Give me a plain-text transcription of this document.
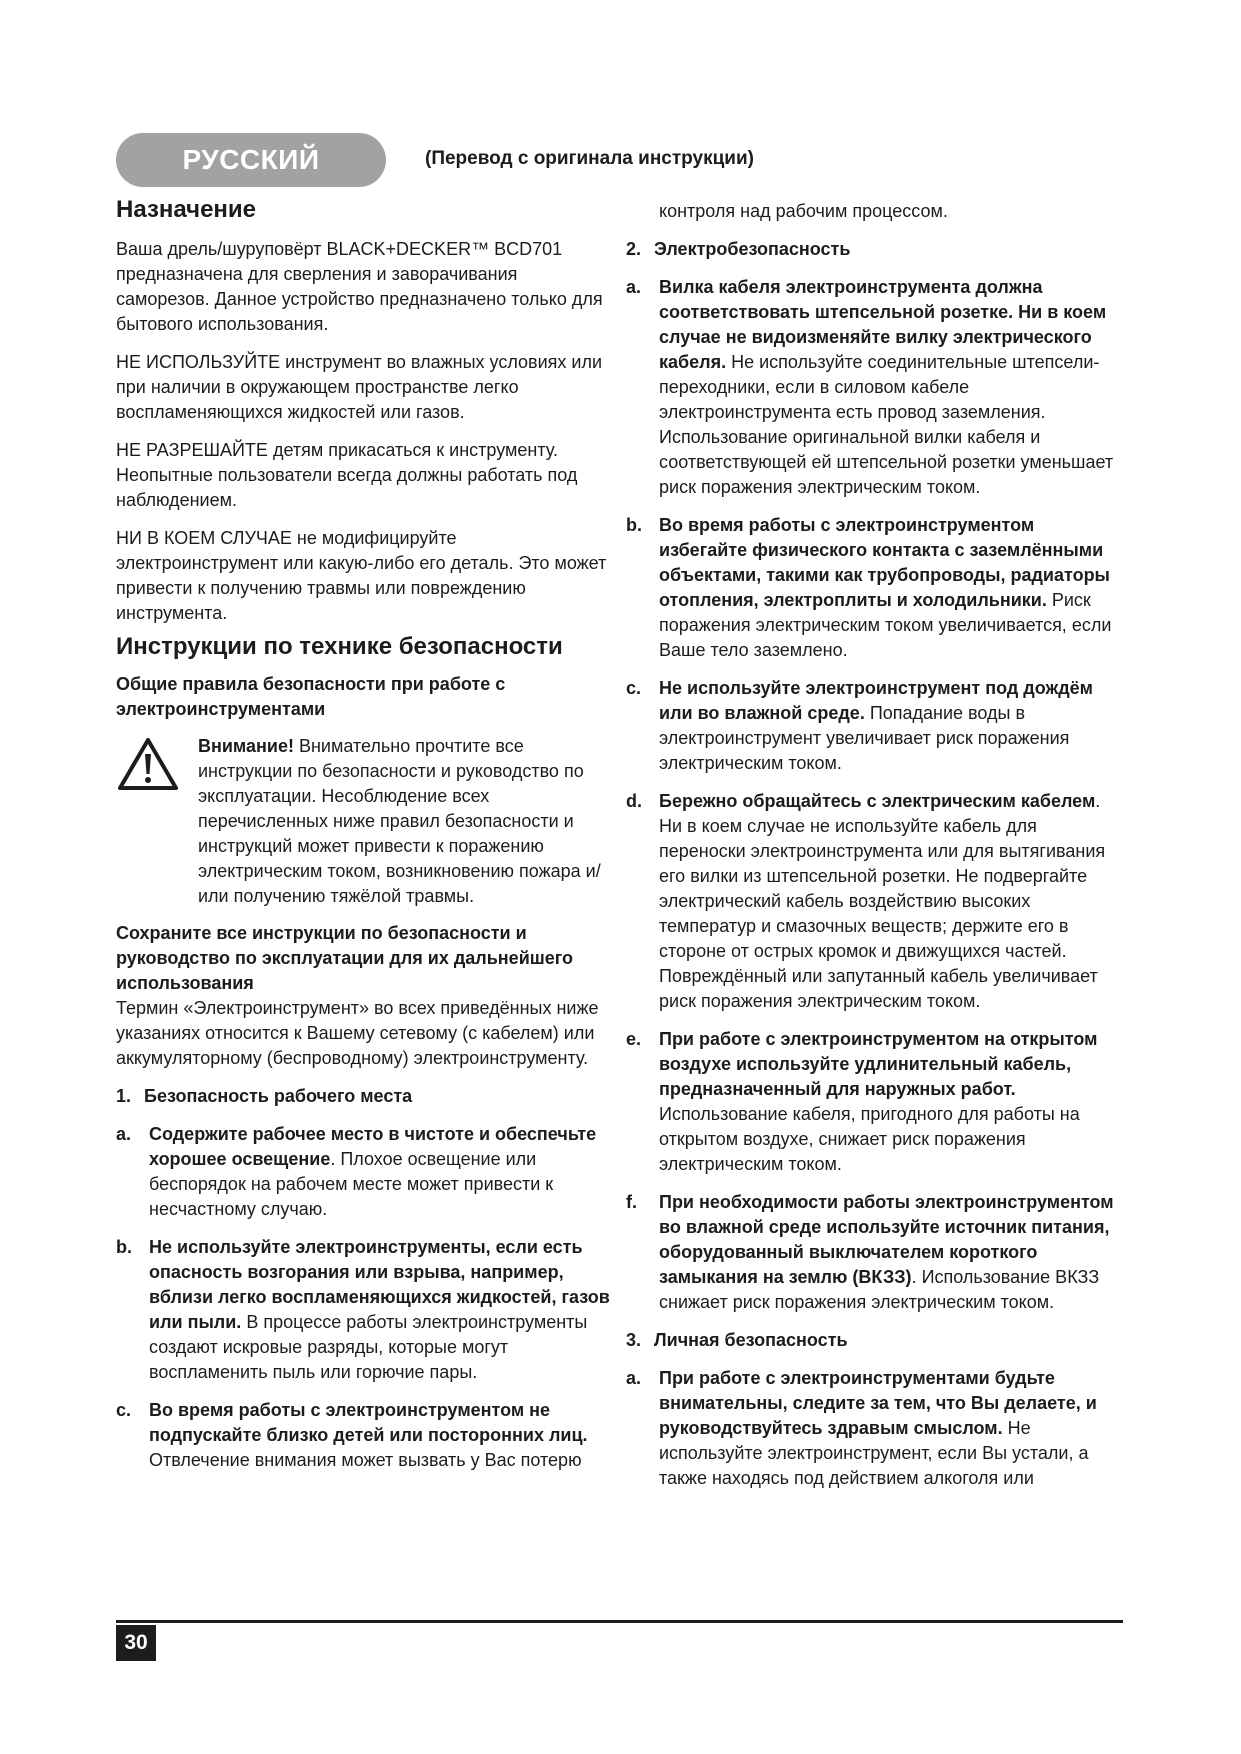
РУССКИЙ	(Перевод с оригинала инструкции)
Назначение

Ваша дрель/шуруповёрт BLACK+DECKER™ BCD701 предназначена для сверления и заворачивания саморезов. Данное устройство предназначено только для бытового использования.

НЕ ИСПОЛЬЗУЙТЕ инструмент во влажных условиях или при наличии в окружающем пространстве легко воспламеняющихся жидкостей или газов.

НЕ РАЗРЕШАЙТЕ детям прикасаться к инструменту. Неопытные пользователи всегда должны работать под наблюдением.

НИ В КОЕМ СЛУЧАЕ не модифицируйте электроинструмент или какую-либо его деталь. Это может привести к получению травмы или повреждению инструмента.

Инструкции по технике безопасности
Общие правила безопасности при работе с электроинструментами
Внимание! Внимательно прочтите все инструкции по безопасности и руководство по эксплуатации. Несоблюдение всех перечисленных ниже правил безопасности и инструкций может привести к поражению электрическим током, возникновению пожара и/или получению тяжёлой травмы.
Сохраните все инструкции по безопасности и руководство по эксплуатации для их дальнейшего использования

Термин «Электроинструмент» во всех приведённых ниже указаниях относится к Вашему сетевому (с кабелем) или аккумуляторному (беспроводному) электроинструменту.

1. Безопасность рабочего места
a. Содержите рабочее место в чистоте и обеспечьте хорошее освещение. Плохое освещение или беспорядок на рабочем месте может привести к несчастному случаю.
b. Не используйте электроинструменты, если есть опасность возгорания или взрыва, например, вблизи легко воспламеняющихся жидкостей, газов или пыли. В процессе работы электроинструменты создают искровые разряды, которые могут воспламенить пыль или горючие пары.
c. Во время работы с электроинструментом не подпускайте близко детей или посторонних лиц. Отвлечение внимания может вызвать у Вас потерю

контроля над рабочим процессом.

2. Электробезопасность
a. Вилка кабеля электроинструмента должна соответствовать штепсельной розетке. Ни в коем случае не видоизменяйте вилку электрического кабеля. Не используйте соединительные штепсели-переходники, если в силовом кабеле электроинструмента есть провод заземления. Использование оригинальной вилки кабеля и соответствующей ей штепсельной розетки уменьшает риск поражения электрическим током.
b. Во время работы с электроинструментом избегайте физического контакта с заземлёнными объектами, такими как трубопроводы, радиаторы отопления, электроплиты и холодильники. Риск поражения электрическим током увеличивается, если Ваше тело заземлено.
c. Не используйте электроинструмент под дождём или во влажной среде. Попадание воды в электроинструмент увеличивает риск поражения электрическим током.
d. Бережно обращайтесь с электрическим кабелем. Ни в коем случае не используйте кабель для переноски электроинструмента или для вытягивания его вилки из штепсельной розетки. Не подвергайте электрический кабель воздействию высоких температур и смазочных веществ; держите его в стороне от острых кромок и движущихся частей. Повреждённый или запутанный кабель увеличивает риск поражения электрическим током.
e. При работе с электроинструментом на открытом воздухе используйте удлинительный кабель, предназначенный для наружных работ. Использование кабеля, пригодного для работы на открытом воздухе, снижает риск поражения электрическим током.
f.	При необходимости работы электроинструментом во влажной среде используйте источник питания, оборудованный выключателем короткого замыкания на землю (ВКЗЗ). Использование ВКЗЗ снижает риск поражения электрическим током.
3. Личная безопасность
a. При работе с электроинструментами будьте внимательны, следите за тем, что Вы делаете, и руководствуйтесь здравым смыслом. Не используйте электроинструмент, если Вы устали, а также находясь под действием алкоголя или
30
